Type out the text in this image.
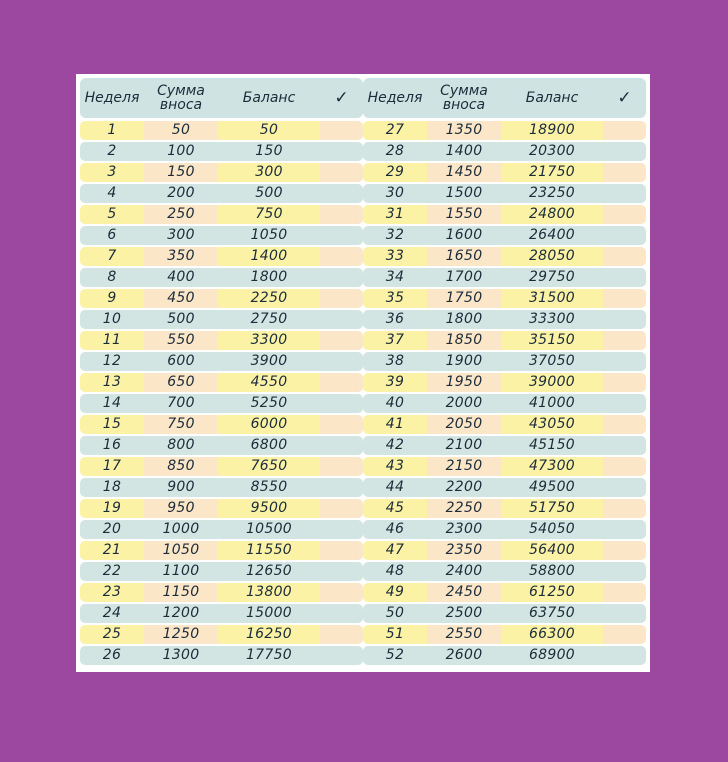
Неделя	Сумма вноса	Баланс	✓
1	50	50
2	100	150
3	150	300
4	200	500
5	250	750
6	300	1050
7	350	1400
8	400	1800
9	450	2250
10	500	2750
11	550	3300
12	600	3900
13	650	4550
14	700	5250
15	750	6000
16	800	6800
17	850	7650
18	900	8550
19	950	9500
20	1000	10500
21	1050	11550
22	1100	12650
23	1150	13800
24	1200	15000
25	1250	16250
26	1300	17750
Неделя	Сумма вноса	Баланс	✓
27	1350	18900
28	1400	20300
29	1450	21750
30	1500	23250
31	1550	24800
32	1600	26400
33	1650	28050
34	1700	29750
35	1750	31500
36	1800	33300
37	1850	35150
38	1900	37050
39	1950	39000
40	2000	41000
41	2050	43050
42	2100	45150
43	2150	47300
44	2200	49500
45	2250	51750
46	2300	54050
47	2350	56400
48	2400	58800
49	2450	61250
50	2500	63750
51	2550	66300
52	2600	68900
